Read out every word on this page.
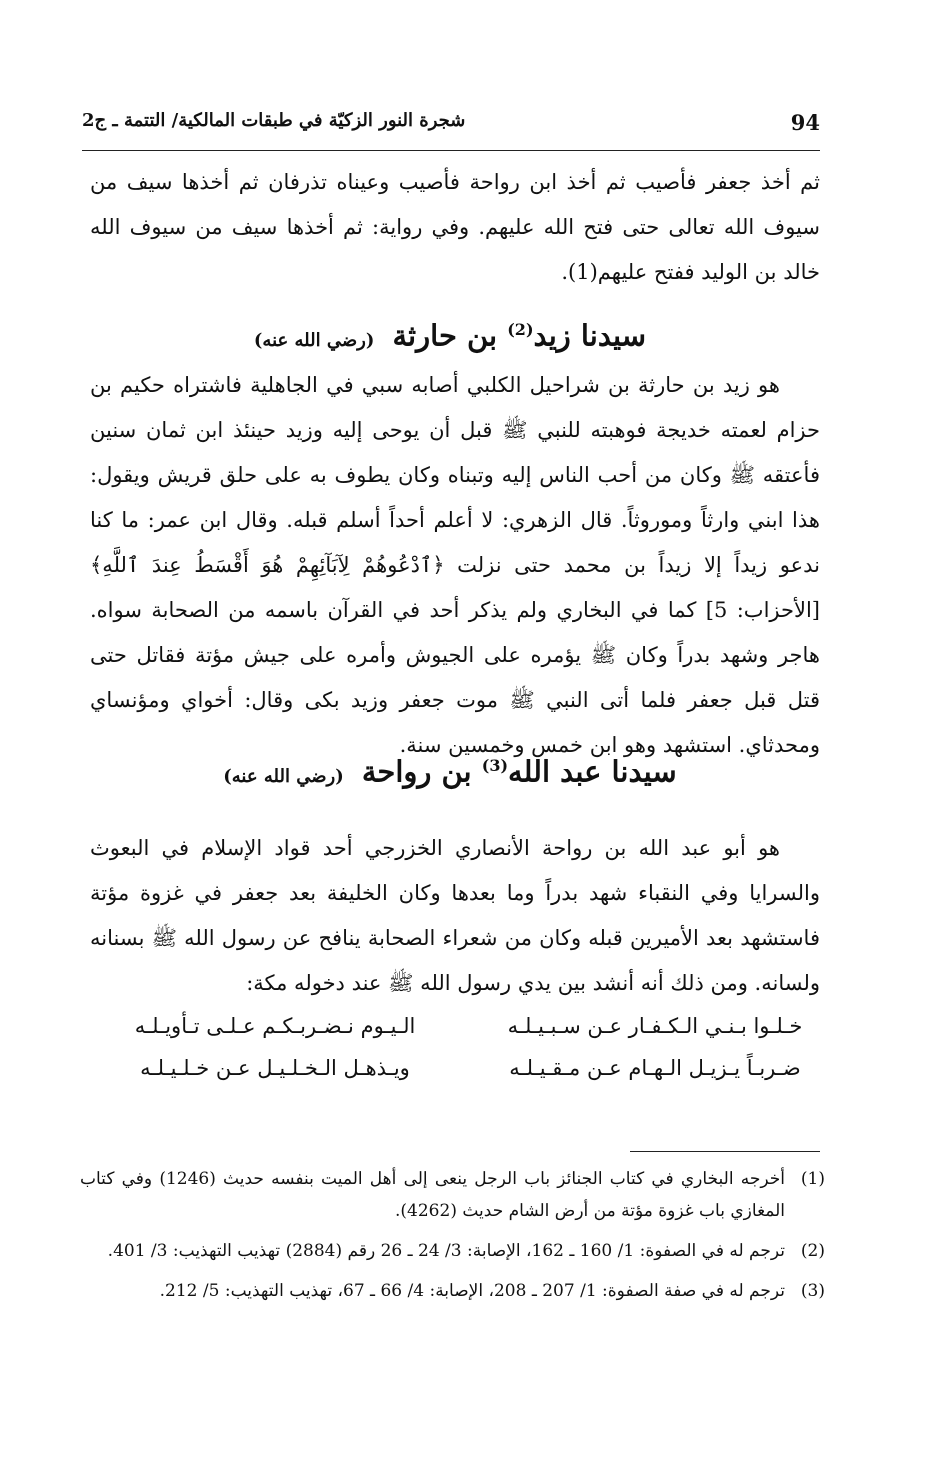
94
شجرة النور الزكيّة في طبقات المالكية/ التتمة ـ ج2
ثم أخذ جعفر فأصيب ثم أخذ ابن رواحة فأصيب وعيناه تذرفان ثم أخذها سيف من سيوف الله تعالى حتى فتح الله عليهم. وفي رواية: ثم أخذها سيف من سيوف الله خالد بن الوليد ففتح عليهم(1).
سيدنا زيد$^{(2)}$ بن حارثة (رضي الله عنه)
هو زيد بن حارثة بن شراحيل الكلبي أصابه سبي في الجاهلية فاشتراه حكيم بن حزام لعمته خديجة فوهبته للنبي ﷺ قبل أن يوحى إليه وزيد حينئذ ابن ثمان سنين فأعتقه ﷺ وكان من أحب الناس إليه وتبناه وكان يطوف به على حلق قريش ويقول: هذا ابني وارثاً وموروثاً. قال الزهري: لا أعلم أحداً أسلم قبله. وقال ابن عمر: ما كنا ندعو زيداً إلا زيداً بن محمد حتى نزلت ﴿ٱدْعُوهُمْ لِآبَآئِهِمْ هُوَ أَقْسَطُ عِندَ ٱللَّهِ﴾ [الأحزاب: 5] كما في البخاري ولم يذكر أحد في القرآن باسمه من الصحابة سواه. هاجر وشهد بدراً وكان ﷺ يؤمره على الجيوش وأمره على جيش مؤتة فقاتل حتى قتل قبل جعفر فلما أتى النبي ﷺ موت جعفر وزيد بكى وقال: أخواي ومؤنساي ومحدثاي. استشهد وهو ابن خمس وخمسين سنة.
سيدنا عبد الله$^{(3)}$ بن رواحة (رضي الله عنه)
هو أبو عبد الله بن رواحة الأنصاري الخزرجي أحد قواد الإسلام في البعوث والسرايا وفي النقباء شهد بدراً وما بعدها وكان الخليفة بعد جعفر في غزوة مؤتة فاستشهد بعد الأميرين قبله وكان من شعراء الصحابة ينافح عن رسول الله ﷺ بسنانه ولسانه. ومن ذلك أنه أنشد بين يدي رسول الله ﷺ عند دخوله مكة:
خـلـوا بـنـي الـكـفـار عـن سـبـيـلـه
الـيـوم نـضـربـكـم عـلـى تـأويـلـه
ضـربـاً يـزيـل الـهـام عـن مـقـيـلـه
ويـذهـل الـخـلـيـل عـن خـلـيـلـه
(1)
أخرجه البخاري في كتاب الجنائز باب الرجل ينعى إلى أهل الميت بنفسه حديث (1246) وفي كتاب المغازي باب غزوة مؤتة من أرض الشام حديث (4262).
(2)
ترجم له في الصفوة: 1/ 160 ـ 162، الإصابة: 3/ 24 ـ 26 رقم (2884) تهذيب التهذيب: 3/ 401.
(3)
ترجم له في صفة الصفوة: 1/ 207 ـ 208، الإصابة: 4/ 66 ـ 67، تهذيب التهذيب: 5/ 212.
